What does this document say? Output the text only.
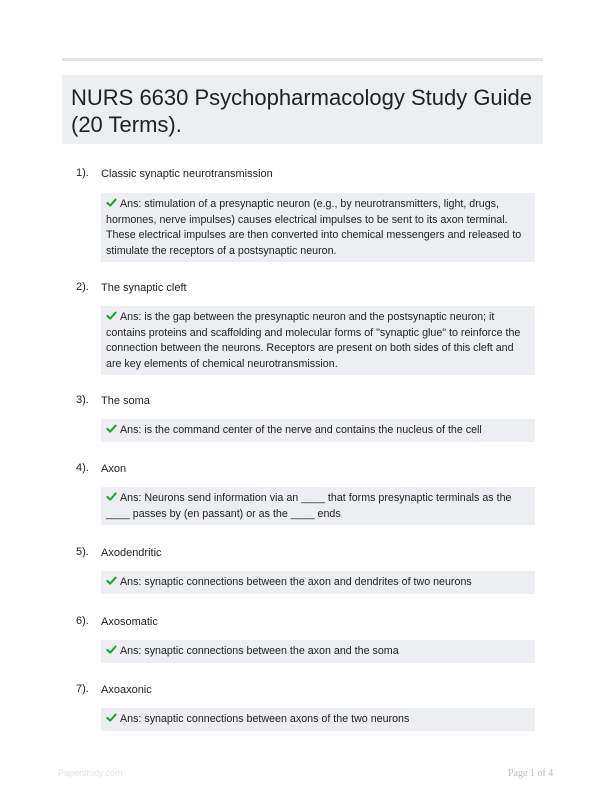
NURS 6630 Psychopharmacology Study Guide (20 Terms).
1). Classic synaptic neurotransmission
Ans: stimulation of a presynaptic neuron (e.g., by neurotransmitters, light, drugs, hormones, nerve impulses) causes electrical impulses to be sent to its axon terminal. These electrical impulses are then converted into chemical messengers and released to stimulate the receptors of a postsynaptic neuron.
2). The synaptic cleft
Ans: is the gap between the presynaptic neuron and the postsynaptic neuron; it contains proteins and scaffolding and molecular forms of "synaptic glue" to reinforce the connection between the neurons. Receptors are present on both sides of this cleft and are key elements of chemical neurotransmission.
3). The soma
Ans: is the command center of the nerve and contains the nucleus of the cell
4). Axon
Ans: Neurons send information via an ____ that forms presynaptic terminals as the ____ passes by (en passant) or as the ____ ends
5). Axodendritic
Ans: synaptic connections between the axon and dendrites of two neurons
6). Axosomatic
Ans: synaptic connections between the axon and the soma
7). Axoaxonic
Ans: synaptic connections between axons of the two neurons
Paperstudy.com	Page 1 of 4
